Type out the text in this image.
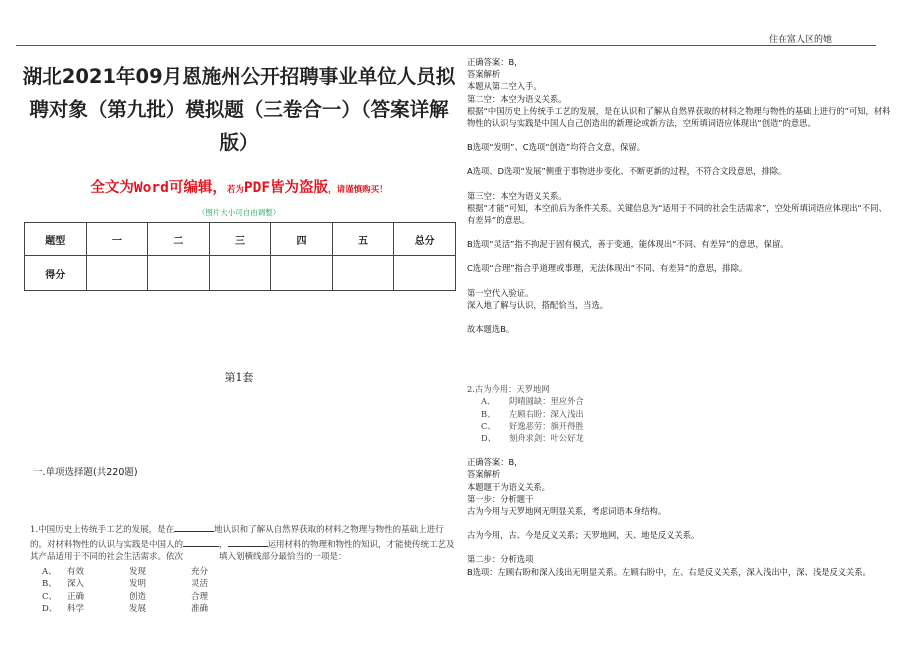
住在富人区的她
湖北2021年09月恩施州公开招聘事业单位人员拟聘对象（第九批）模拟题（三卷合一）（答案详解版）
全文为Word可编辑，若为PDF皆为盗版，请谨慎购买！
（图片大小可自由调整）
题型	一	二	三	四	五	总分
得分						
第1套
一.单项选择题(共220题)
1.中国历史上传统手工艺的发展，是在	地认识和了解从自然界获取的材料之物理与物性的基础上进行的。对材料物性的认识与实践是中国人的	，	运用材料的物理和物性的知识，才能使传统工艺及其产品适用于不同的社会生活需求。依次	填入划横线部分最恰当的一项是：
A、	有效	发现	充分
B、	深入	发明	灵活
C、	正确	创造	合理
D、	科学	发展	准确

正确答案：B，

答案解析

本题从第二空入手。

第二空：本空为语义关系。

根据“中国历史上传统手工艺的发展，是在认识和了解从自然界获取的材料之物理与物性的基础上进行的”可知，材料物性的认识与实践是中国人自己创造出的新理论或新方法，空所填词语应体现出“创造”的意思。

B选项“发明”、C选项“创造”均符合文意，保留。

A选项、D选项“发展”侧重于事物进步变化、不断更新的过程，不符合文段意思，排除。

第三空：本空为语义关系。

根据“才能”可知，本空前后为条件关系。关键信息为“适用于不同的社会生活需求”，空处所填词语应体现出“不同、有差异”的意思。

B选项“灵活”指不拘泥于固有模式，善于变通，能体现出“不同、有差异”的意思，保留。

C选项“合理”指合乎道理或事理，无法体现出“不同、有差异”的意思，排除。

第一空代入验证。

深入地了解与认识，搭配恰当，当选。

故本题选B。

2.古为今用：天罗地网

A、	阴晴圆缺：里应外合
B、	左顾右盼：深入浅出
C、	好逸恶劳：旗开得胜
D、	刻舟求剑：叶公好龙

正确答案：B，

答案解析

本题题干为语义关系。

第一步：分析题干

古为今用与天罗地网无明显关系，考虑词语本身结构。

古为今用，古、今是反义关系；天罗地网，天、地是反义关系。

第二步：分析选项

B选项：左顾右盼和深入浅出无明显关系。左顾右盼中，左、右是反义关系，深入浅出中，深、浅是反义关系。
